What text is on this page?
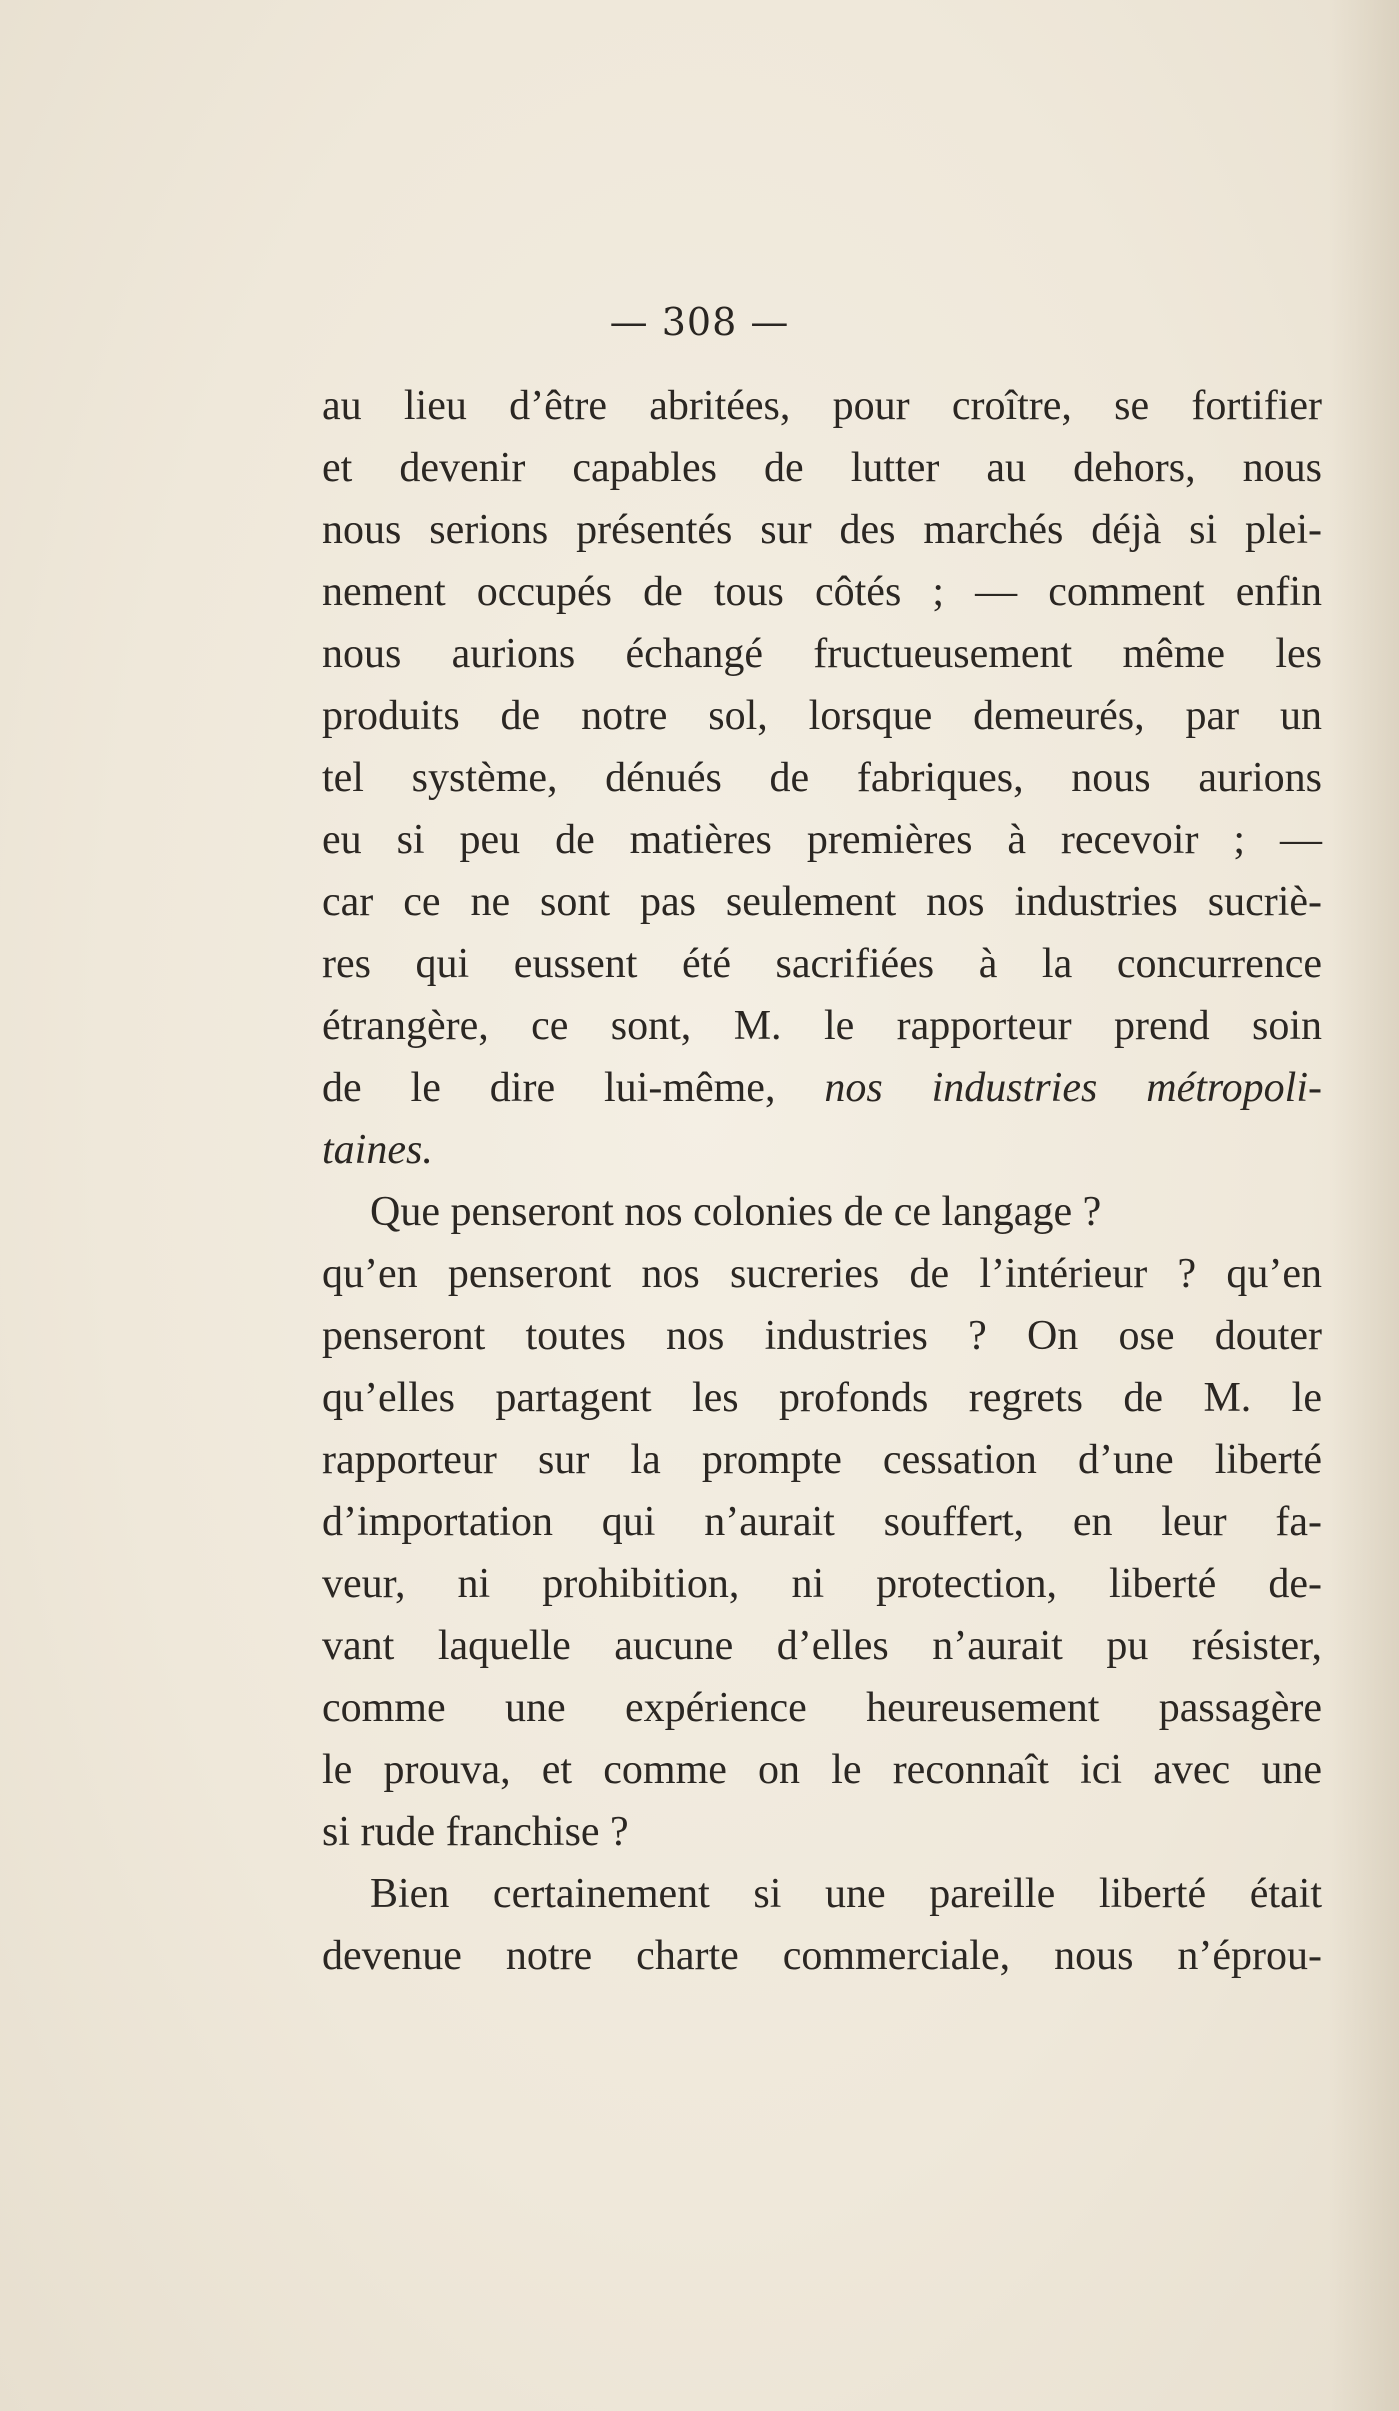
— 308 —

au lieu d’être abritées, pour croître, se fortifier
et devenir capables de lutter au dehors, nous
nous serions présentés sur des marchés déjà si plei-
nement occupés de tous côtés ; — comment enfin
nous aurions échangé fructueusement même les
produits de notre sol, lorsque demeurés, par un
tel système, dénués de fabriques, nous aurions
eu si peu de matières premières à recevoir ; —
car ce ne sont pas seulement nos industries sucriè-
res qui eussent été sacrifiées à la concurrence
étrangère, ce sont, M. le rapporteur prend soin
de le dire lui-même, nos industries métropoli-
taines.

Que penseront nos colonies de ce langage ?
qu’en penseront nos sucreries de l’intérieur ? qu’en
penseront toutes nos industries ? On ose douter
qu’elles partagent les profonds regrets de M. le
rapporteur sur la prompte cessation d’une liberté
d’importation qui n’aurait souffert, en leur fa-
veur, ni prohibition, ni protection, liberté de-
vant laquelle aucune d’elles n’aurait pu résister,
comme une expérience heureusement passagère
le prouva, et comme on le reconnaît ici avec une
si rude franchise ?

Bien certainement si une pareille liberté était
devenue notre charte commerciale, nous n’éprou-
